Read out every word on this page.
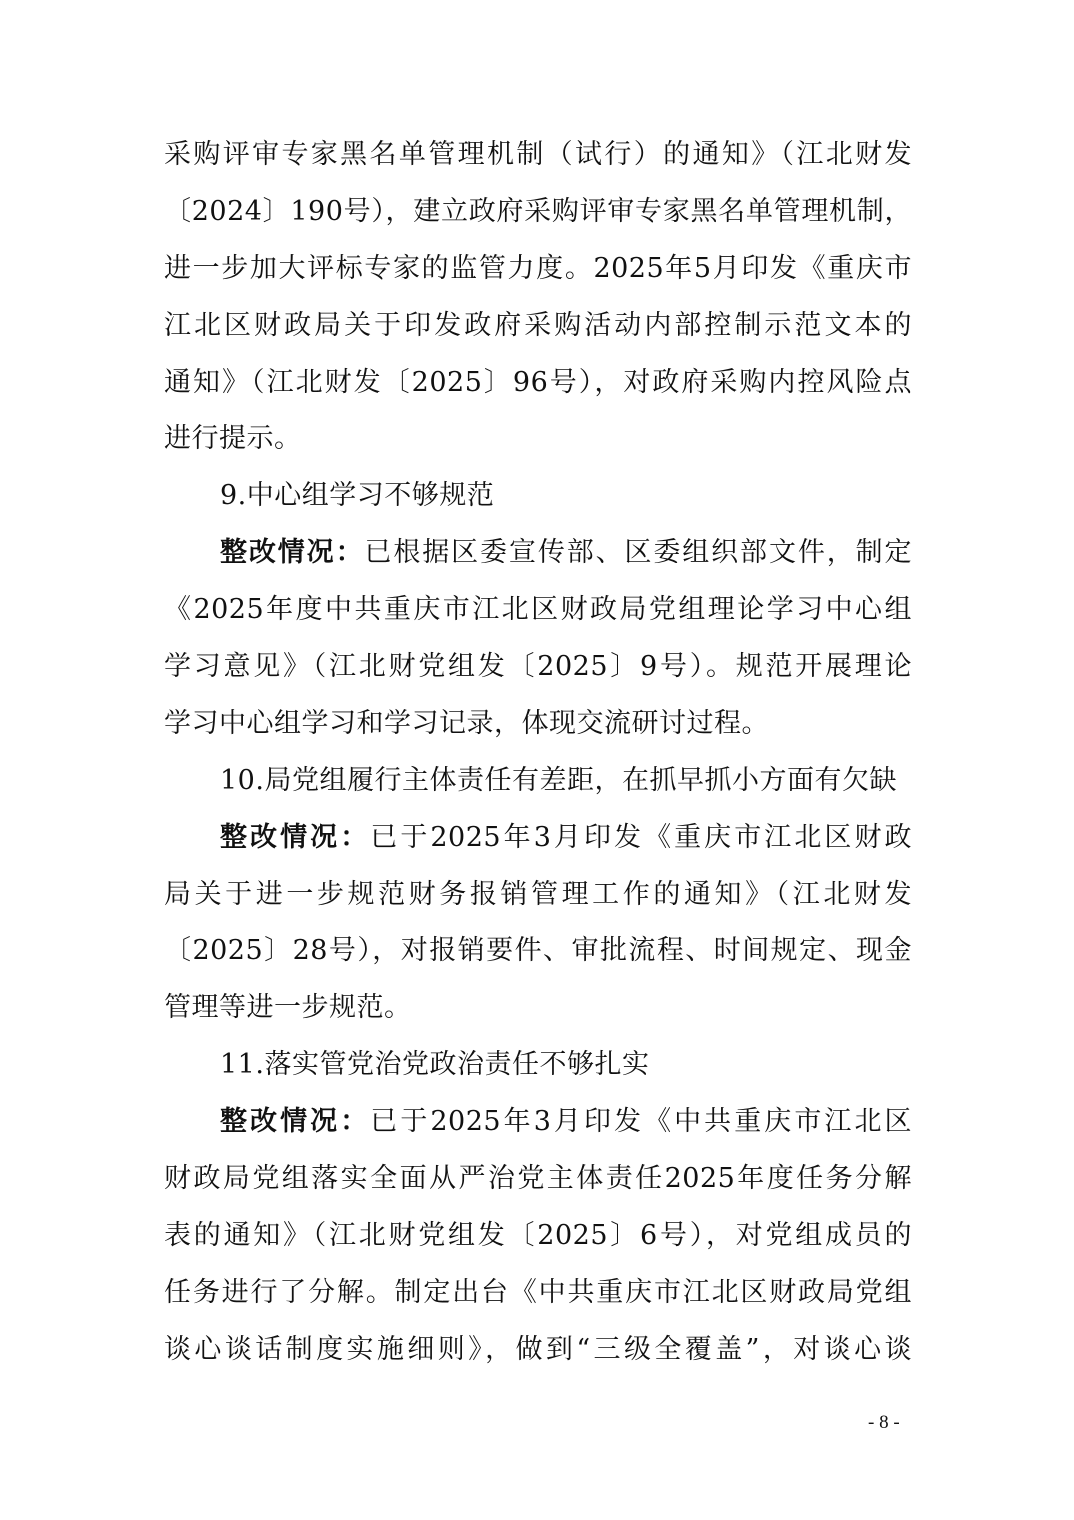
采购评审专家黑名单管理机制（试行）的通知》（江北财发
〔2024〕190号），建立政府采购评审专家黑名单管理机制，
进一步加大评标专家的监管力度。2025年5月印发《重庆市
江北区财政局关于印发政府采购活动内部控制示范文本的
通知》（江北财发〔2025〕96号），对政府采购内控风险点
进行提示。
9.中心组学习不够规范
整改情况：已根据区委宣传部、区委组织部文件，制定
《2025年度中共重庆市江北区财政局党组理论学习中心组
学习意见》（江北财党组发〔2025〕9号）。规范开展理论
学习中心组学习和学习记录，体现交流研讨过程。
10.局党组履行主体责任有差距，在抓早抓小方面有欠缺
整改情况：已于2025年3月印发《重庆市江北区财政
局关于进一步规范财务报销管理工作的通知》（江北财发
〔2025〕28号），对报销要件、审批流程、时间规定、现金
管理等进一步规范。
11.落实管党治党政治责任不够扎实
整改情况：已于2025年3月印发《中共重庆市江北区
财政局党组落实全面从严治党主体责任2025年度任务分解
表的通知》（江北财党组发〔2025〕6号），对党组成员的
任务进行了分解。制定出台《中共重庆市江北区财政局党组
谈心谈话制度实施细则》，做到“三级全覆盖”，对谈心谈
- 8 -
